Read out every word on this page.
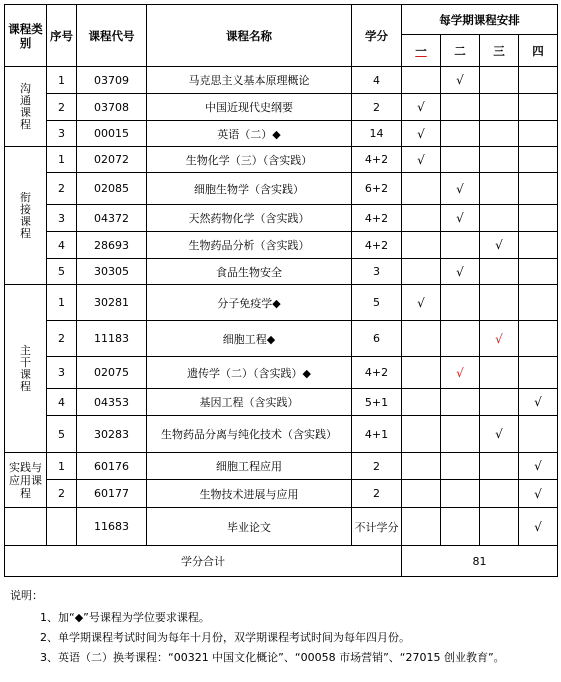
课程类别	序号	课程代号	课程名称	学分	每学期课程安排			
					一	二	三	四
沟通课程	1	03709	马克思主义基本原理概论	4		√		
	2	03708	中国近现代史纲要	2	√			
	3	00015	英语（二）◆	14	√			
衔接课程	1	02072	生物化学（三）（含实践）	4+2	√			
	2	02085	细胞生物学（含实践）	6+2		√		
	3	04372	天然药物化学（含实践）	4+2		√		
	4	28693	生物药品分析（含实践）	4+2			√	
	5	30305	食品生物安全	3		√		
主干课程	1	30281	分子免疫学◆	5	√			
	2	11183	细胞工程◆	6			√	
	3	02075	遗传学（二）（含实践）◆	4+2		√		
	4	04353	基因工程（含实践）	5+1				√
	5	30283	生物药品分离与纯化技术（含实践）	4+1			√	
实践与应用课程	1	60176	细胞工程应用	2				√
	2	60177	生物技术进展与应用	2				√
		11683	毕业论文	不计学分				√
学分合计					81			

说明：

1、加“◆”号课程为学位要求课程。

2、单学期课程考试时间为每年十月份，双学期课程考试时间为每年四月份。

3、英语（二）换考课程：“00321 中国文化概论”、“00058 市场营销”、“27015 创业教育”。
